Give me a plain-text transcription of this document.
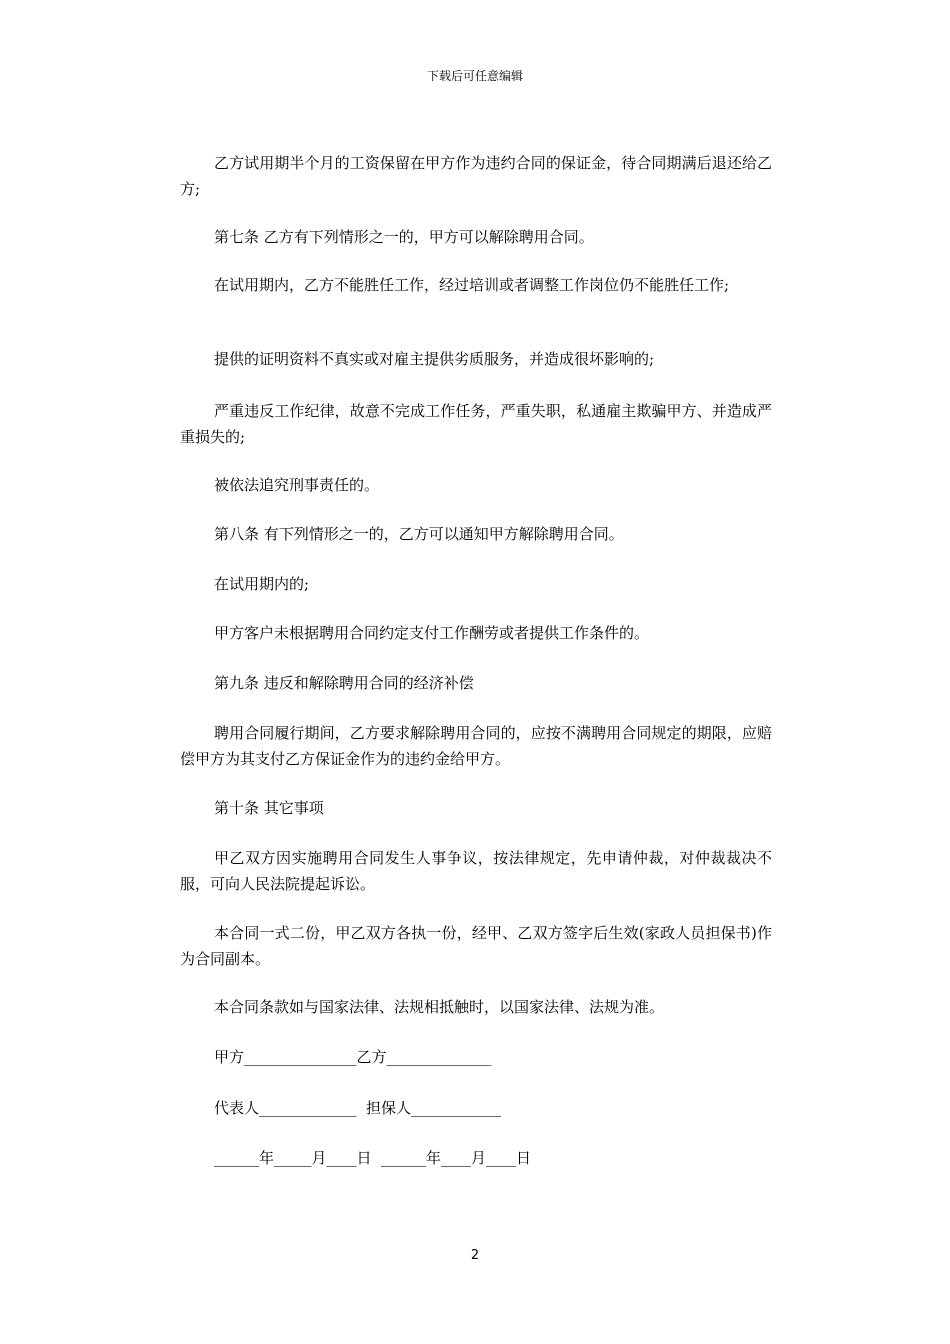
下载后可任意编辑

乙方试用期半个月的工资保留在甲方作为违约合同的保证金，待合同期满后退还给乙方;

第七条 乙方有下列情形之一的，甲方可以解除聘用合同。

在试用期内，乙方不能胜任工作，经过培训或者调整工作岗位仍不能胜任工作;

提供的证明资料不真实或对雇主提供劣质服务，并造成很坏影响的;

严重违反工作纪律，故意不完成工作任务，严重失职，私通雇主欺骗甲方、并造成严重损失的;

被依法追究刑事责任的。

第八条 有下列情形之一的，乙方可以通知甲方解除聘用合同。

在试用期内的;

甲方客户未根据聘用合同约定支付工作酬劳或者提供工作条件的。

第九条 违反和解除聘用合同的经济补偿

聘用合同履行期间，乙方要求解除聘用合同的，应按不满聘用合同规定的期限，应赔偿甲方为其支付乙方保证金作为的违约金给甲方。

第十条 其它事项

甲乙双方因实施聘用合同发生人事争议，按法律规定，先申请仲裁，对仲裁裁决不服，可向人民法院提起诉讼。

本合同一式二份，甲乙双方各执一份，经甲、乙双方签字后生效(家政人员担保书)作为合同副本。

本合同条款如与国家法律、法规相抵触时，以国家法律、法规为准。

甲方_______________乙方______________
代表人_____________  担保人____________
______年_____月____日  ______年____月____日
2
